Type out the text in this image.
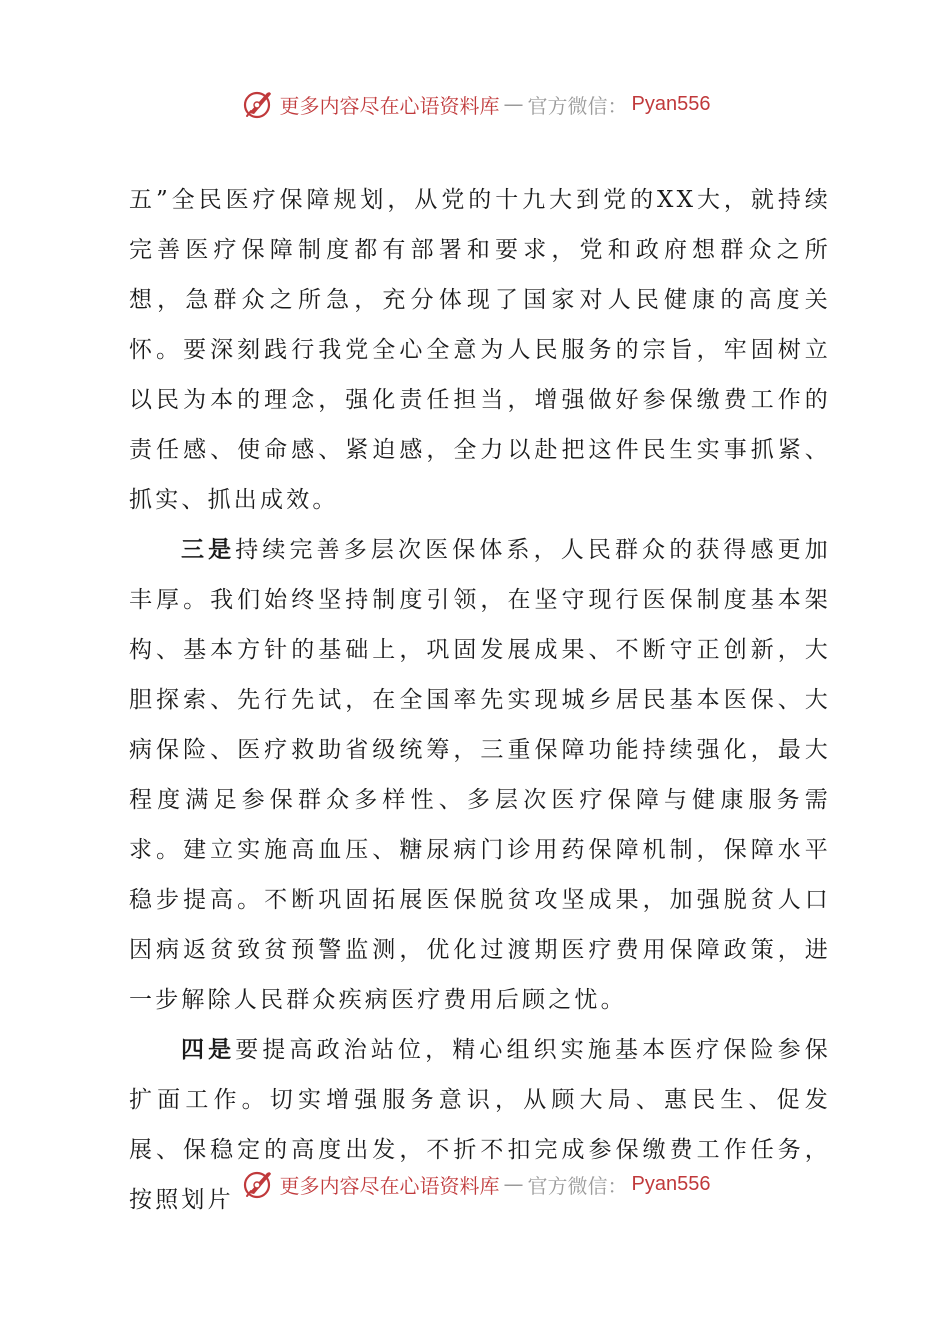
更多内容尽在心语资料库 — 官方微信： Pyan556

五”全民医疗保障规划，从党的十九大到党的XX大，就持续完善医疗保障制度都有部署和要求，党和政府想群众之所想，急群众之所急，充分体现了国家对人民健康的高度关怀。要深刻践行我党全心全意为人民服务的宗旨，牢固树立以民为本的理念，强化责任担当，增强做好参保缴费工作的责任感、使命感、紧迫感，全力以赴把这件民生实事抓紧、抓实、抓出成效。

三是持续完善多层次医保体系，人民群众的获得感更加丰厚。我们始终坚持制度引领，在坚守现行医保制度基本架构、基本方针的基础上，巩固发展成果、不断守正创新，大胆探索、先行先试，在全国率先实现城乡居民基本医保、大病保险、医疗救助省级统筹，三重保障功能持续强化，最大程度满足参保群众多样性、多层次医疗保障与健康服务需求。建立实施高血压、糖尿病门诊用药保障机制，保障水平稳步提高。不断巩固拓展医保脱贫攻坚成果，加强脱贫人口因病返贫致贫预警监测，优化过渡期医疗费用保障政策，进一步解除人民群众疾病医疗费用后顾之忧。

四是要提高政治站位，精心组织实施基本医疗保险参保扩面工作。切实增强服务意识，从顾大局、惠民生、促发展、保稳定的高度出发，不折不扣完成参保缴费工作任务，按照划片

更多内容尽在心语资料库 — 官方微信： Pyan556
